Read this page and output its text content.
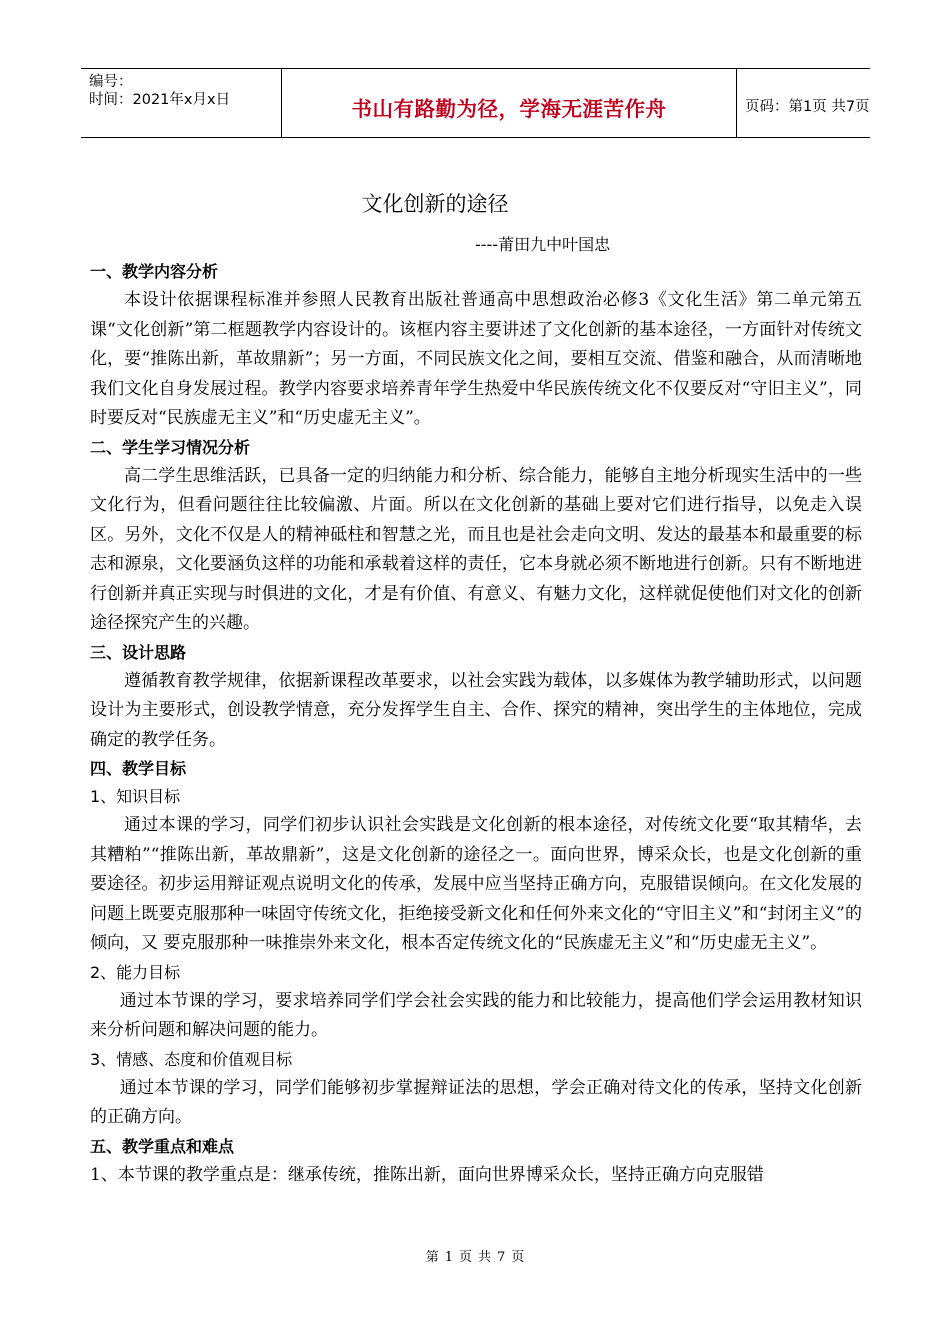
编号：
时间：2021年x月x日	书山有路勤为径，学海无涯苦作舟	页码：第1页 共7页
文化创新的途径
----莆田九中叶国忠

一、教学内容分析

本设计依据课程标准并参照人民教育出版社普通高中思想政治必修3《文化生活》第二单元第五课“文化创新”第二框题教学内容设计的。该框内容主要讲述了文化创新的基本途径，一方面针对传统文化，要“推陈出新，革故鼎新”；另一方面，不同民族文化之间，要相互交流、借鉴和融合，从而清晰地我们文化自身发展过程。教学内容要求培养青年学生热爱中华民族传统文化不仅要反对“守旧主义”，同时要反对“民族虚无主义”和“历史虚无主义”。

二、学生学习情况分析

高二学生思维活跃，已具备一定的归纳能力和分析、综合能力，能够自主地分析现实生活中的一些文化行为，但看问题往往比较偏激、片面。所以在文化创新的基础上要对它们进行指导，以免走入误区。另外，文化不仅是人的精神砥柱和智慧之光，而且也是社会走向文明、发达的最基本和最重要的标志和源泉，文化要涵负这样的功能和承载着这样的责任，它本身就必须不断地进行创新。只有不断地进行创新并真正实现与时俱进的文化，才是有价值、有意义、有魅力文化，这样就促使他们对文化的创新途径探究产生的兴趣。

三、设计思路

遵循教育教学规律，依据新课程改革要求，以社会实践为载体，以多媒体为教学辅助形式，以问题设计为主要形式，创设教学情意，充分发挥学生自主、合作、探究的精神，突出学生的主体地位，完成确定的教学任务。

四、教学目标

1、知识目标

通过本课的学习，同学们初步认识社会实践是文化创新的根本途径，对传统文化要“取其精华，去其糟粕”“推陈出新，革故鼎新”，这是文化创新的途径之一。面向世界，博采众长，也是文化创新的重要途径。初步运用辩证观点说明文化的传承，发展中应当坚持正确方向，克服错误倾向。在文化发展的问题上既要克服那种一味固守传统文化，拒绝接受新文化和任何外来文化的“守旧主义”和“封闭主义”的倾向，又 要克服那种一味推崇外来文化，根本否定传统文化的“民族虚无主义”和“历史虚无主义”。

2、能力目标

通过本节课的学习，要求培养同学们学会社会实践的能力和比较能力，提高他们学会运用教材知识来分析问题和解决问题的能力。

3、情感、态度和价值观目标

通过本节课的学习，同学们能够初步掌握辩证法的思想，学会正确对待文化的传承，坚持文化创新的正确方向。

五、教学重点和难点

1、本节课的教学重点是：继承传统，推陈出新，面向世界博采众长，坚持正确方向克服错

第 1 页 共 7 页
